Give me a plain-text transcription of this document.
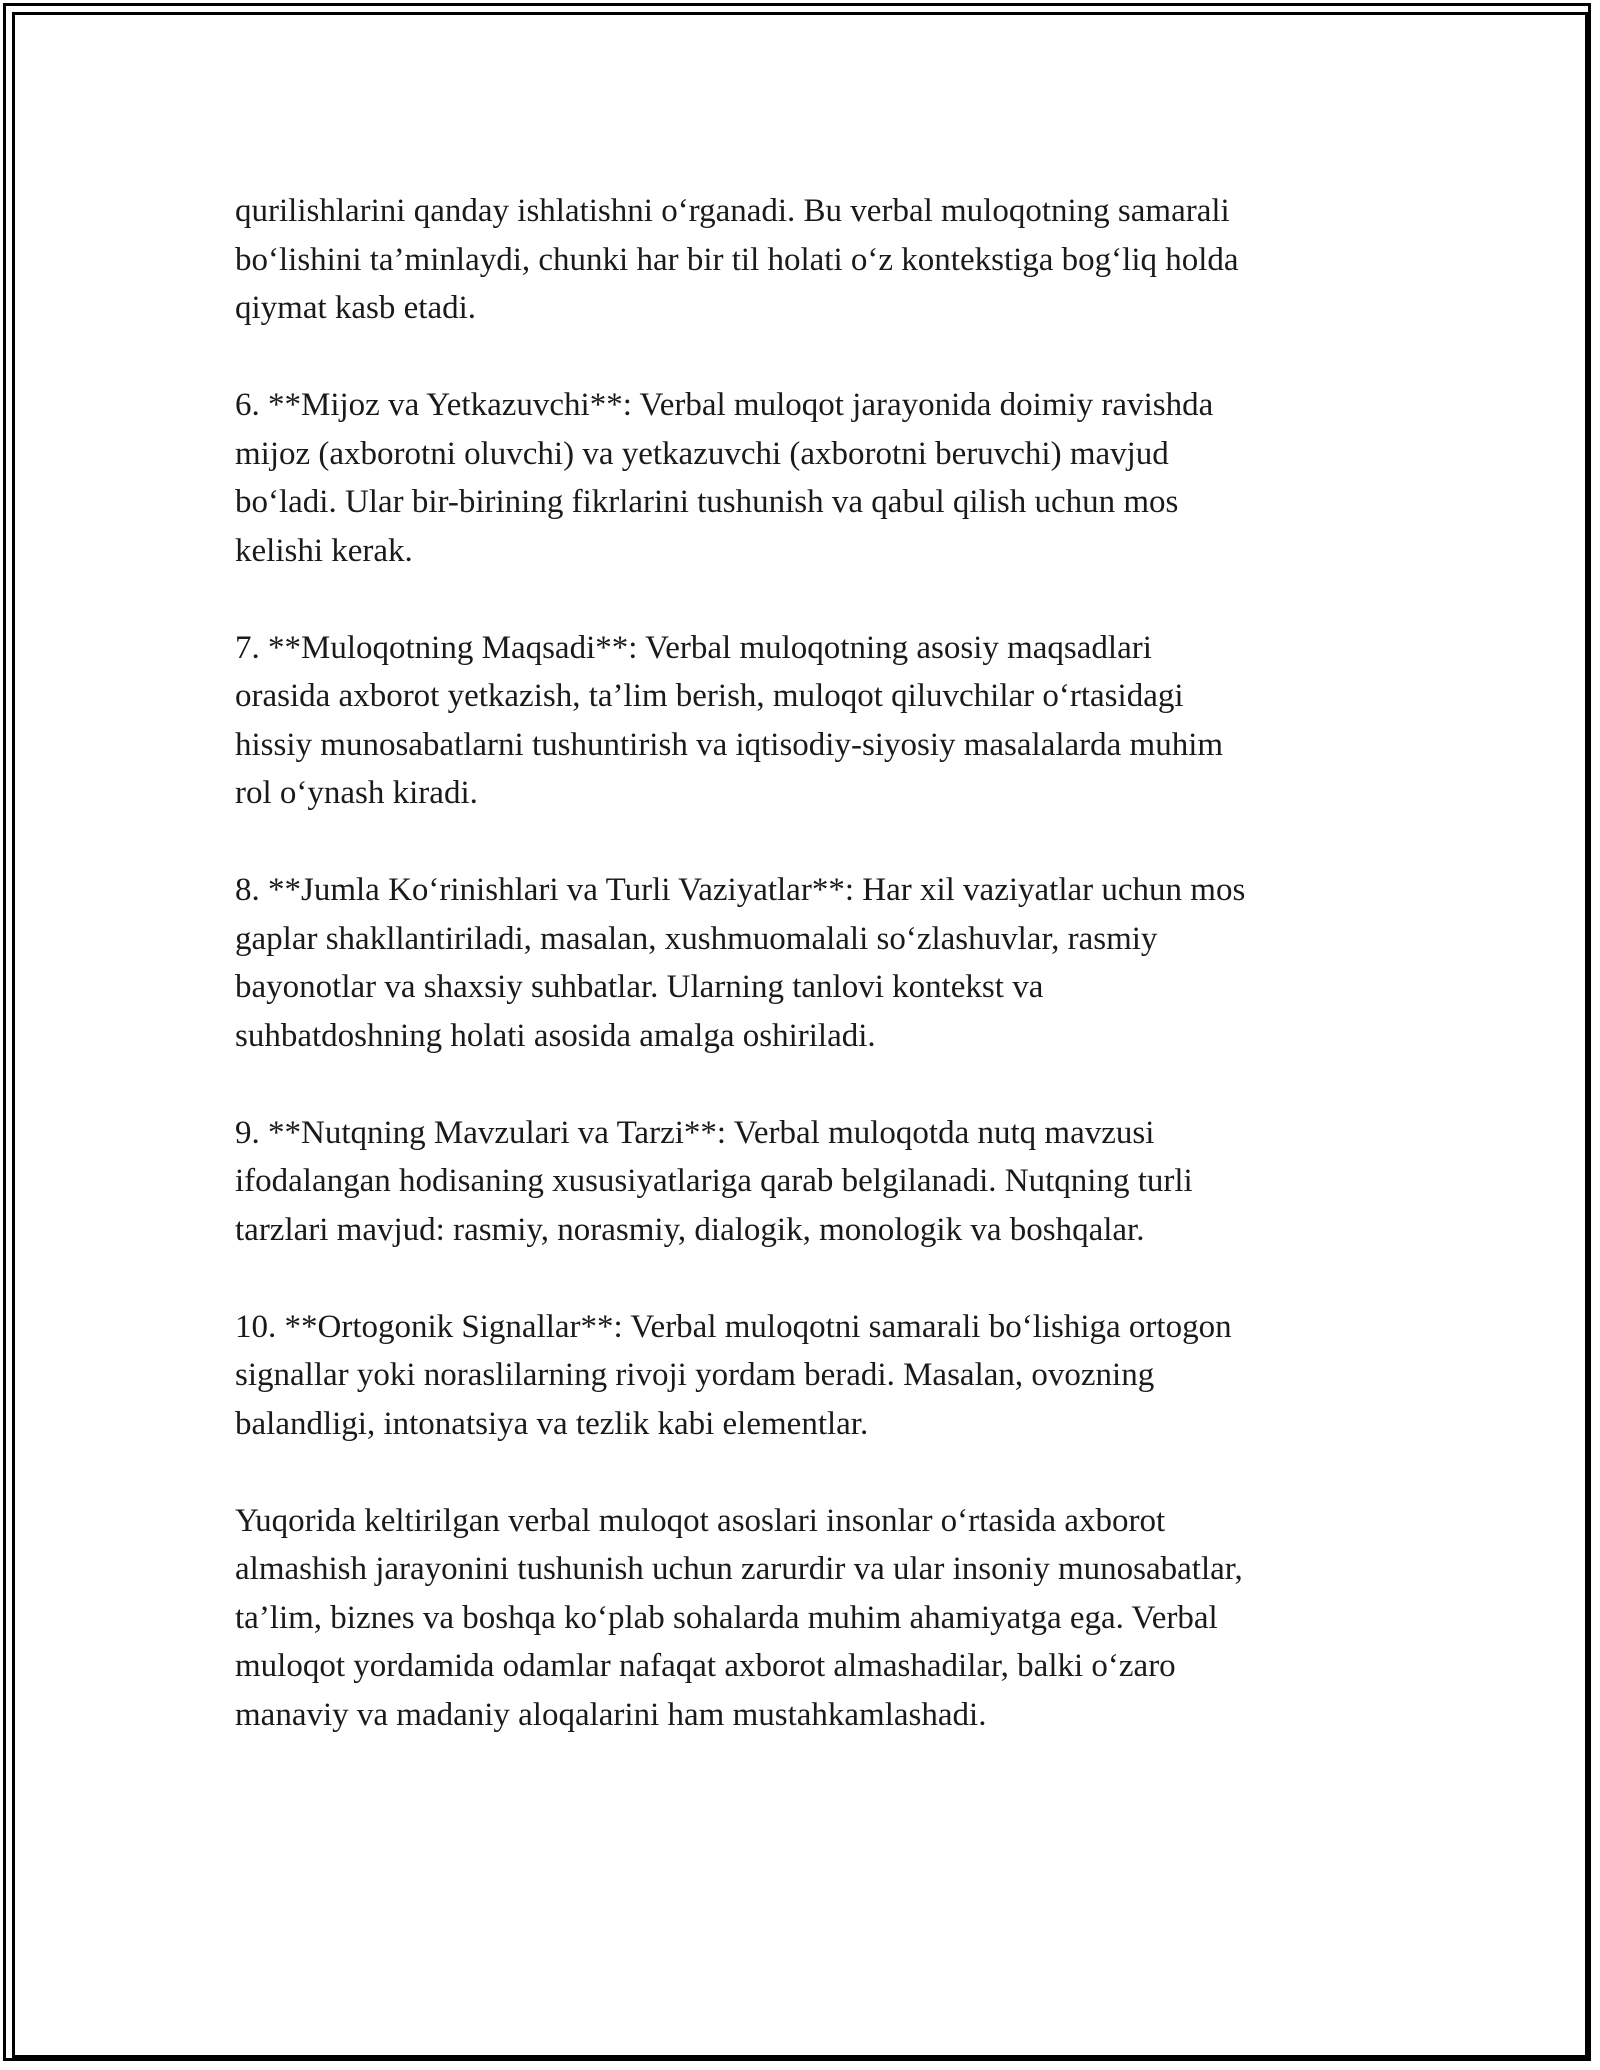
qurilishlarini qanday ishlatishni o‘rganadi. Bu verbal muloqotning samarali
bo‘lishini ta’minlaydi, chunki har bir til holati o‘z kontekstiga bog‘liq holda
qiymat kasb etadi.

6. **Mijoz va Yetkazuvchi**: Verbal muloqot jarayonida doimiy ravishda
mijoz (axborotni oluvchi) va yetkazuvchi (axborotni beruvchi) mavjud
bo‘ladi. Ular bir-birining fikrlarini tushunish va qabul qilish uchun mos
kelishi kerak.

7. **Muloqotning Maqsadi**: Verbal muloqotning asosiy maqsadlari
orasida axborot yetkazish, ta’lim berish, muloqot qiluvchilar o‘rtasidagi
hissiy munosabatlarni tushuntirish va iqtisodiy-siyosiy masalalarda muhim
rol o‘ynash kiradi.

8. **Jumla Ko‘rinishlari va Turli Vaziyatlar**: Har xil vaziyatlar uchun mos
gaplar shakllantiriladi, masalan, xushmuomalali so‘zlashuvlar, rasmiy
bayonotlar va shaxsiy suhbatlar. Ularning tanlovi kontekst va
suhbatdoshning holati asosida amalga oshiriladi.

9. **Nutqning Mavzulari va Tarzi**: Verbal muloqotda nutq mavzusi
ifodalangan hodisaning xususiyatlariga qarab belgilanadi. Nutqning turli
tarzlari mavjud: rasmiy, norasmiy, dialogik, monologik va boshqalar.

10. **Ortogonik Signallar**: Verbal muloqotni samarali bo‘lishiga ortogon
signallar yoki noraslilarning rivoji yordam beradi. Masalan, ovozning
balandligi, intonatsiya va tezlik kabi elementlar.

Yuqorida keltirilgan verbal muloqot asoslari insonlar o‘rtasida axborot
almashish jarayonini tushunish uchun zarurdir va ular insoniy munosabatlar,
ta’lim, biznes va boshqa ko‘plab sohalarda muhim ahamiyatga ega. Verbal
muloqot yordamida odamlar nafaqat axborot almashadilar, balki o‘zaro
manaviy va madaniy aloqalarini ham mustahkamlashadi.
